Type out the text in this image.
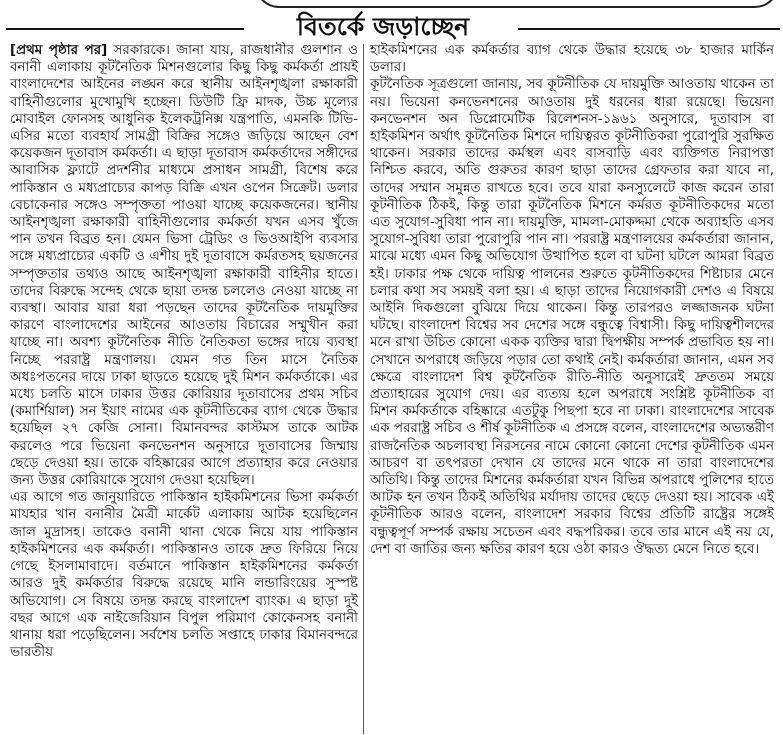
বিতর্কে জড়াচ্ছেন

[প্রথম পৃষ্ঠার পর] সরকারকে। জানা যায়, রাজধানীর গুলশান ও বনানী এলাকায় কূটনৈতিক মিশনগুলোর কিছু কিছু কর্মকর্তা প্রায়ই বাংলাদেশের আইনের লঙ্ঘন করে স্থানীয় আইনশৃঙ্খলা রক্ষাকারী বাহিনীগুলোর মুখোমুখি হচ্ছেন। ডিউটি ফ্রি মাদক, উচ্চ মূল্যের মোবাইল ফোনসহ আধুনিক ইলেকট্রনিক্স যন্ত্রপাতি, এমনকি টিভি-এসির মতো ব্যবহার্য সামগ্রী বিক্রির সঙ্গেও জড়িয়ে আছেন বেশ কয়েকজন দূতাবাস কর্মকর্তা। এ ছাড়া দূতাবাস কর্মকর্তাদের সঙ্গীদের আবাসিক ফ্ল্যাটে প্রদর্শনীর মাধ্যমে প্রসাধন সামগ্রী, বিশেষ করে পাকিস্তান ও মধ্যপ্রাচ্যের কাপড় বিক্রি এখন ওপেন সিক্রেট। ডলার বেচাকেনার সঙ্গেও সম্পৃক্ততা পাওয়া যাচ্ছে কয়েকজনের। স্থানীয় আইনশৃঙ্খলা রক্ষাকারী বাহিনীগুলোর কর্মকর্তা যখন এসব খুঁজে পান তখন বিব্রত হন। যেমন ভিসা ট্রেডিং ও ভিওআইপি ব্যবসার সঙ্গে মধ্যপ্রাচ্যের একটি ও এশীয় দুই দূতাবাসে কর্মরতসহ ছয়জনের সম্পৃক্ততার তথ্যও আছে আইনশৃঙ্খলা রক্ষাকারী বাহিনীর হাতে। তাদের বিরুদ্ধে সন্দেহ থেকে ছায়া তদন্ত চললেও নেওয়া যাচ্ছে না ব্যবস্থা। আবার যারা ধরা পড়ছেন তাদের কূটনৈতিক দায়মুক্তির কারণে বাংলাদেশের আইনের আওতায় বিচারের সম্মুখীন করা যাচ্ছে না। অবশ্য কূটনৈতিক নীতি নৈতিকতা ভঙ্গের দায়ে ব্যবস্থা নিচ্ছে পররাষ্ট্র মন্ত্রণালয়। যেমন গত তিন মাসে নৈতিক অধঃপতনের দায়ে ঢাকা ছাড়তে হয়েছে দুই মিশন কর্মকর্তাকে। এর মধ্যে চলতি মাসে ঢাকার উত্তর কোরিয়ার দূতাবাসের প্রথম সচিব (কমার্শিয়াল) সন ইয়াং নামের এক কূটনীতিকের ব্যাগ থেকে উদ্ধার হয়েছিল ২৭ কেজি সোনা। বিমানবন্দর কাস্টমস তাকে আটক করলেও পরে ভিয়েনা কনভেনশন অনুসারে দূতাবাসের জিম্মায় ছেড়ে দেওয়া হয়। তাকে বহিষ্কারের আগে প্রত্যাহার করে নেওয়ার জন্য উত্তর কোরিয়াকে সুযোগ দেওয়া হয়েছিল।

এর আগে গত জানুয়ারিতে পাকিস্তান হাইকমিশনের ভিসা কর্মকর্তা মাযহার খান বনানীর মৈত্রী মার্কেট এলাকায় আটক হয়েছিলেন জাল মুদ্রাসহ। তাকেও বনানী থানা থেকে নিয়ে যায় পাকিস্তান হাইকমিশনের এক কর্মকর্তা। পাকিস্তানও তাকে দ্রুত ফিরিয়ে নিয়ে গেছে ইসলামাবাদে। বর্তমানে পাকিস্তান হাইকমিশনের কর্মকর্তা আরও দুই কর্মকর্তার বিরুদ্ধে রয়েছে মানি লন্ডারিংয়ের সুস্পষ্ট অভিযোগ। সে বিষয়ে তদন্ত করছে বাংলাদেশ ব্যাংক। এ ছাড়া দুই বছর আগে এক নাইজেরিয়ান বিপুল পরিমাণ কোকেনসহ বনানী থানায় ধরা পড়েছিলেন। সর্বশেষ চলতি সপ্তাহে ঢাকার বিমানবন্দরে ভারতীয়

হাইকমিশনের এক কর্মকর্তার ব্যাগ থেকে উদ্ধার হয়েছে ৩৮ হাজার মার্কিন ডলার।

কূটনৈতিক সূত্রগুলো জানায়, সব কূটনীতিক যে দায়মুক্তি আওতায় থাকেন তা নয়। ভিয়েনা কনভেনশনের আওতায় দুই ধরনের ধারা রয়েছে। ভিয়েনা কনভেনশন অন ডিপ্লোমেটিক রিলেশনস-১৯৬১ অনুসারে, দূতাবাস বা হাইকমিশন অর্থাৎ কূটনৈতিক মিশনে দায়িত্বরত কূটনীতিকরা পুরোপুরি সুরক্ষিত থাকেন। সরকার তাদের কর্মস্থল এবং বাসবাড়ি এবং ব্যক্তিগত নিরাপত্তা নিশ্চিত করবে, অতি গুরুতর কারণ ছাড়া তাদের গ্রেফতার করা যাবে না, তাদের সম্মান সমুন্নত রাখতে হবে। তবে যারা কনস্যুলেটে কাজ করেন তারা কূটনীতিক ঠিকই, কিন্তু তারা কূটনৈতিক মিশনে কর্মরত কূটনীতিকদের মতো এত সুযোগ-সুবিধা পান না। দায়মুক্তি, মামলা-মোকদ্দমা থেকে অব্যাহতি এসব সুযোগ-সুবিধা তারা পুরোপুরি পান না। পররাষ্ট্র মন্ত্রণালয়ের কর্মকর্তারা জানান, মাঝে মধ্যে এমন কিছু অভিযোগ উত্থাপিত হলে বা ঘটনা ঘটলে আমরা বিব্রত হই। ঢাকার পক্ষ থেকে দায়িত্ব পালনের শুরুতে কূটনীতিকদের শিষ্টাচার মেনে চলার কথা সব সময়ই বলা হয়। এ ছাড়া তাদের নিয়োগকারী দেশও এ বিষয়ে আইনি দিকগুলো বুঝিয়ে দিয়ে থাকেন। কিন্তু তারপরও লজ্জাজনক ঘটনা ঘটছে। বাংলাদেশ বিশ্বের সব দেশের সঙ্গে বন্ধুত্বে বিশ্বাসী। কিছু দায়িত্বশীলদের মনে রাখা উচিত কোনো একক ব্যক্তির দ্বারা দ্বিপক্ষীয় সম্পর্ক প্রভাবিত হয় না। সেখানে অপরাধে জড়িয়ে পড়ার তো কথাই নেই। কর্মকর্তারা জানান, এমন সব ক্ষেত্রে বাংলাদেশ বিশ্ব কূটনৈতিক রীতি-নীতি অনুসারেই দ্রুততম সময়ে প্রত্যাহারের সুযোগ দেয়। এর ব্যত্যয় হলে অপরাধে সংশ্লিষ্ট কূটনীতিক বা মিশন কর্মকর্তাকে বহিষ্কারে এতটুকু পিছপা হবে না ঢাকা। বাংলাদেশের সাবেক এক পররাষ্ট্র সচিব ও শীর্ষ কূটনীতিক এ প্রসঙ্গে বলেন, বাংলাদেশের অভ্যন্তরীণ রাজনৈতিক অচলাবস্থা নিরসনের নামে কোনো কোনো দেশের কূটনীতিক এমন আচরণ বা তৎপরতা দেখান যে তাদের মনে থাকে না তারা বাংলাদেশের অতিথি। কিন্তু তাদের মিশনের কর্মকর্তারা যখন বিভিন্ন অপরাধে পুলিশের হাতে আটক হন তখন ঠিকই অতিথির মর্যাদায় তাদের ছেড়ে দেওয়া হয়। সাবেক এই কূটনীতিক আরও বলেন, বাংলাদেশ সরকার বিশ্বের প্রতিটি রাষ্ট্রের সঙ্গেই বন্ধুত্বপূর্ণ সম্পর্ক রক্ষায় সচেতন এবং বদ্ধপরিকর। তবে তার মানে এই নয় যে, দেশ বা জাতির জন্য ক্ষতির কারণ হয়ে ওঠা কারও ঔদ্ধত্য মেনে নিতে হবে।
